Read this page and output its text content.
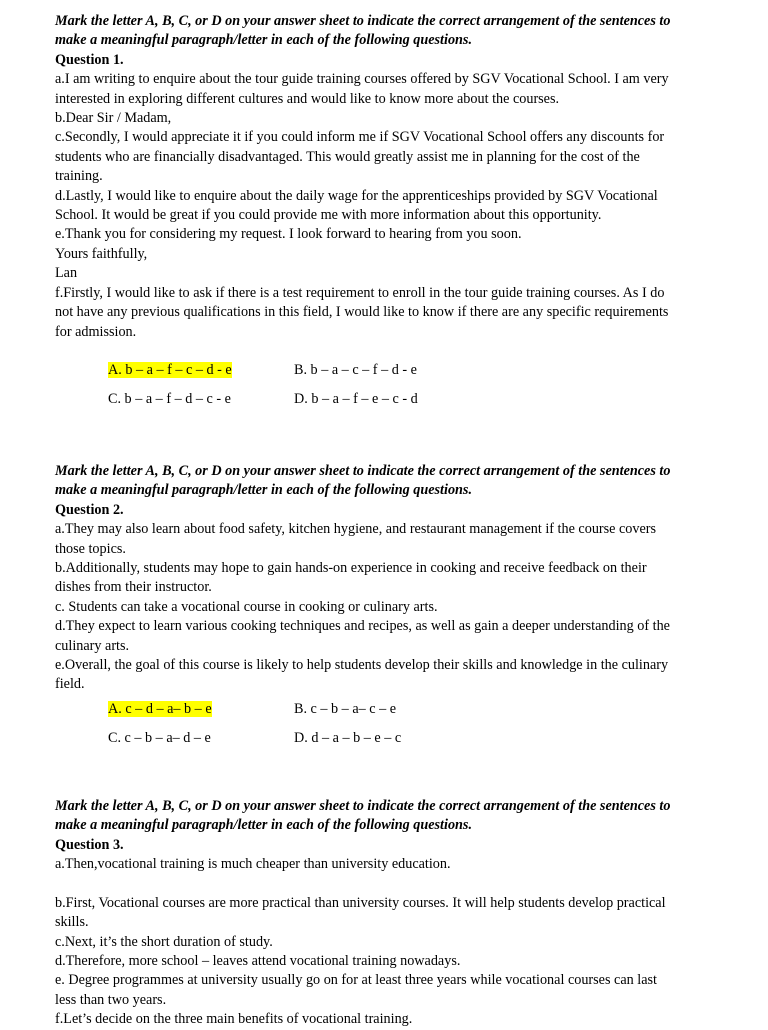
Mark the letter A, B, C, or D on your answer sheet to indicate the correct arrangement of the sentences to

make a meaningful paragraph/letter in each of the following questions.

Question 1.

a.I am writing to enquire about the tour guide training courses offered by SGV Vocational School. I am very

interested in exploring different cultures and would like to know more about the courses.

b.Dear Sir / Madam,

c.Secondly, I would appreciate it if you could inform me if SGV Vocational School offers any discounts for

students who are financially disadvantaged. This would greatly assist me in planning for the cost of the

training.

d.Lastly, I would like to enquire about the daily wage for the apprenticeships provided by SGV Vocational

School. It would be great if you could provide me with more information about this opportunity.

e.Thank you for considering my request. I look forward to hearing from you soon.

Yours faithfully,

Lan

f.Firstly, I would like to ask if there is a test requirement to enroll in the tour guide training courses. As I do

not have any previous qualifications in this field, I would like to know if there are any specific requirements

for admission.

A. b – a – f – c – d - e	B. b – a – c – f – d - e
C. b – a – f – d – c - e	D. b – a – f – e – c - d

Mark the letter A, B, C, or D on your answer sheet to indicate the correct arrangement of the sentences to

make a meaningful paragraph/letter in each of the following questions.

Question 2.

a.They may also learn about food safety, kitchen hygiene, and restaurant management if the course covers

those topics.

b.Additionally, students may hope to gain hands-on experience in cooking and receive feedback on their

dishes from their instructor.

c. Students can take a vocational course in cooking or culinary arts.

d.They expect to learn various cooking techniques and recipes, as well as gain a deeper understanding of the

culinary arts.

e.Overall, the goal of this course is likely to help students develop their skills and knowledge in the culinary

field.

A. c – d – a– b – e	B. c – b – a– c – e
C. c – b – a– d – e	D. d – a – b – e – c

Mark the letter A, B, C, or D on your answer sheet to indicate the correct arrangement of the sentences to

make a meaningful paragraph/letter in each of the following questions.

Question 3.

a.Then,vocational training is much cheaper than university education.

b.First, Vocational courses are more practical than university courses. It will help students develop practical

skills.

c.Next, it’s the short duration of study.

d.Therefore, more school – leaves attend vocational training nowadays.

e. Degree programmes at university usually go on for at least three years while vocational courses can last

less than two years.

f.Let’s decide on the three main benefits of vocational training.
